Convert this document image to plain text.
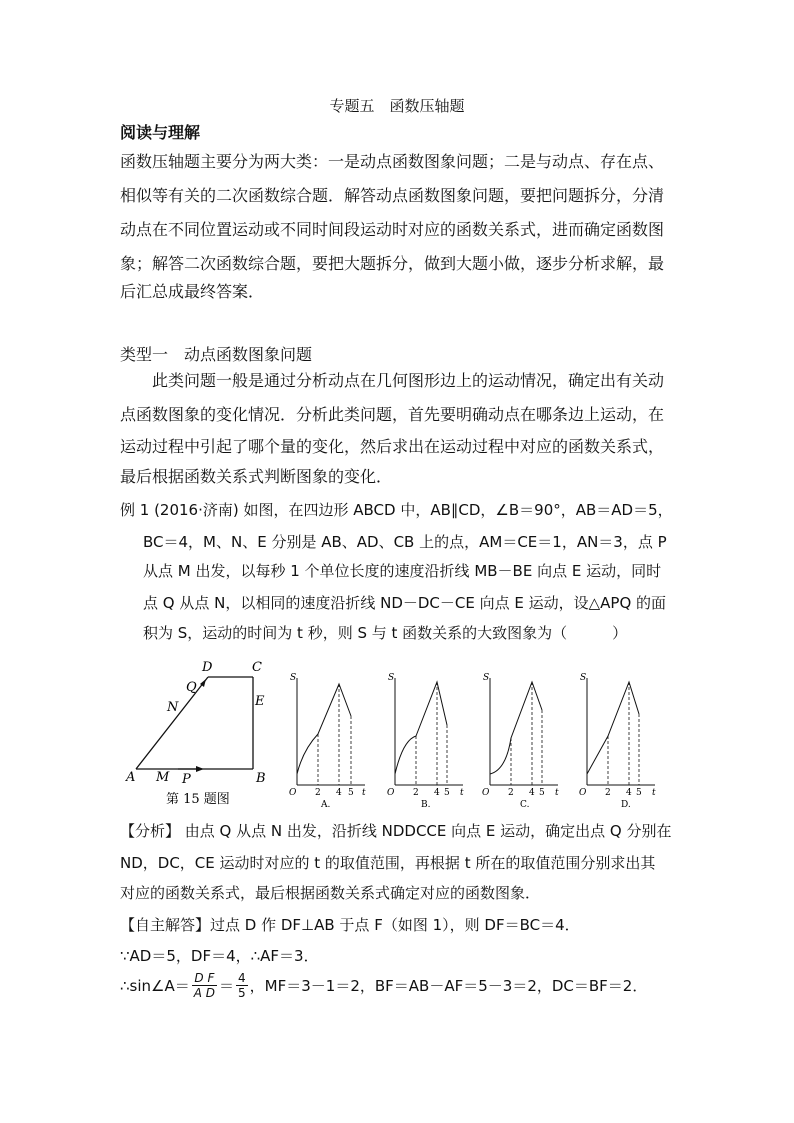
专题五　函数压轴题
阅读与理解
函数压轴题主要分为两大类：一是动点函数图象问题；二是与动点、存在点、
相似等有关的二次函数综合题．解答动点函数图象问题，要把问题拆分，分清
动点在不同位置运动或不同时间段运动时对应的函数关系式，进而确定函数图
象；解答二次函数综合题，要把大题拆分，做到大题小做，逐步分析求解，最
后汇总成最终答案．
类型一　动点函数图象问题
此类问题一般是通过分析动点在几何图形边上的运动情况，确定出有关动
点函数图象的变化情况．分析此类问题，首先要明确动点在哪条边上运动，在
运动过程中引起了哪个量的变化，然后求出在运动过程中对应的函数关系式，
最后根据函数关系式判断图象的变化．
例 1 (2016·济南) 如图，在四边形 ABCD 中，AB∥CD，∠B＝90°，AB＝AD＝5，
BC＝4，M、N、E 分别是 AB、AD、CB 上的点，AM＝CE＝1，AN＝3，点 P
从点 M 出发，以每秒 1 个单位长度的速度沿折线 MB－BE 向点 E 运动，同时
点 Q 从点 N，以相同的速度沿折线 ND－DC－CE 向点 E 运动，设△APQ 的面
积为 S，运动的时间为 t 秒，则 S 与 t 函数关系的大致图象为（　　　）
A	B
C
D
E
M
N
P
Q
第 15 题图
S
t
O 2 4 5
A.
S
t
O 2 4 5
B.
S
t
O 2 4 5
C.
S
t
O 2 4 5
D.
【分析】 由点 Q 从点 N 出发，沿折线 NDDCCE 向点 E 运动，确定出点 Q 分别在
ND，DC，CE 运动时对应的 t 的取值范围，再根据 t 所在的取值范围分别求出其
对应的函数关系式，最后根据函数关系式确定对应的函数图象．
【自主解答】过点 D 作 DF⊥AB 于点 F（如图 1），则 DF＝BC＝4．
∵AD＝5，DF＝4，∴AF＝3．
∴sin∠A＝ $\frac{\text{D F}}{\text{A D}} = \frac{4}{5}$ ，MF＝3－1＝2，BF＝AB－AF＝5－3＝2，DC＝BF＝2．
